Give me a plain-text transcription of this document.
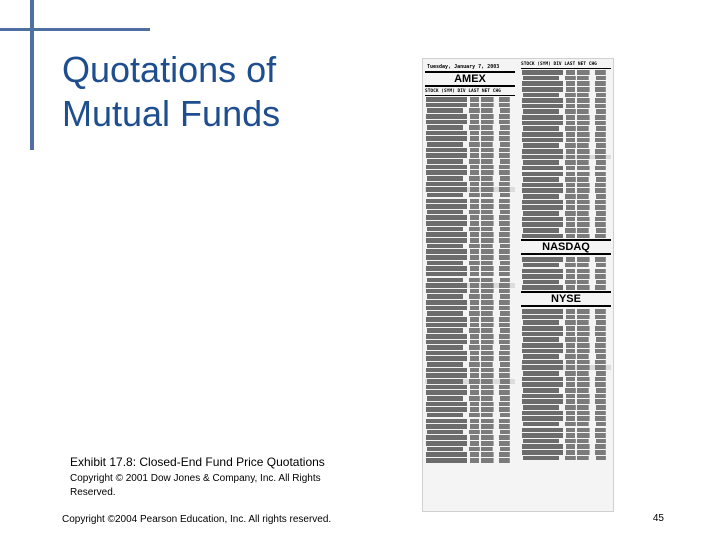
Quotations of
Mutual Funds
Tuesday, January 7, 2003
AMEX
STOCK (SYM) DIV LAST NET CHG
STOCK (SYM) DIV LAST NET CHG
NASDAQ
NYSE
Exhibit 17.8: Closed-End Fund Price Quotations
Copyright © 2001 Dow Jones & Company, Inc. All Rights Reserved.
Copyright ©2004 Pearson Education, Inc. All rights reserved.	45
